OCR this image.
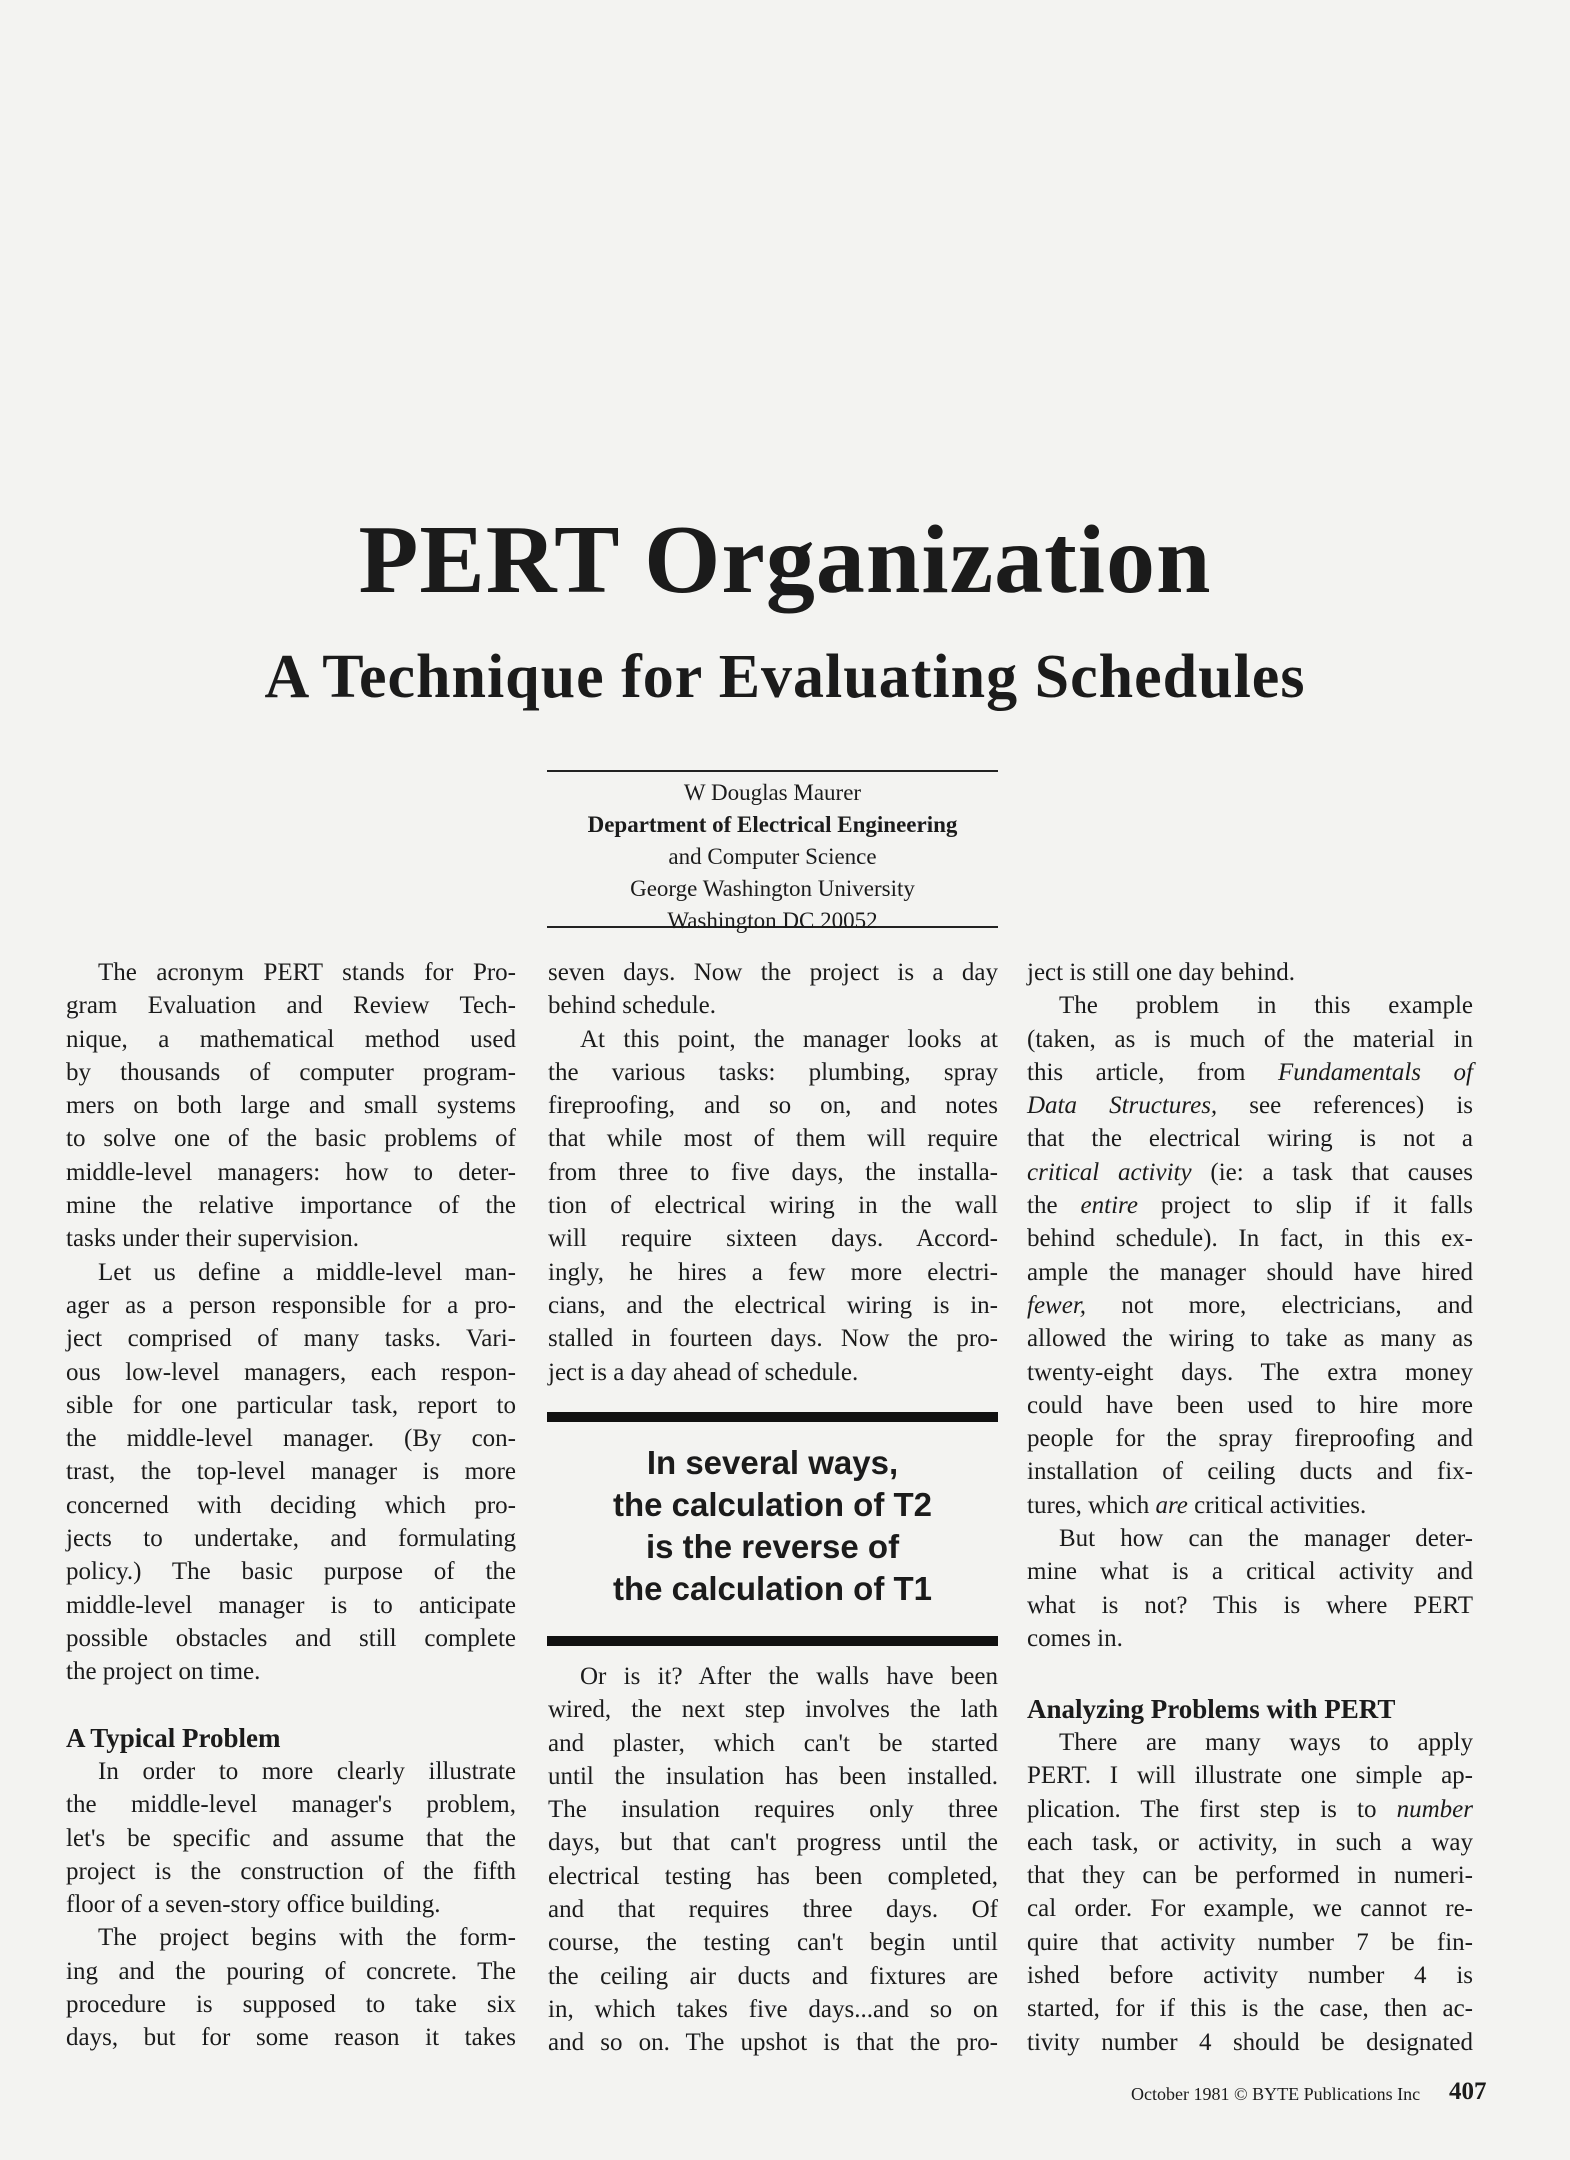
PERT Organization
A Technique for Evaluating Schedules
W Douglas Maurer
Department of Electrical Engineering
and Computer Science
George Washington University
Washington DC 20052
The acronym PERT stands for Pro-
gram Evaluation and Review Tech-
nique, a mathematical method used
by thousands of computer program-
mers on both large and small systems
to solve one of the basic problems of
middle-level managers: how to deter-
mine the relative importance of the
tasks under their supervision.
Let us define a middle-level man-
ager as a person responsible for a pro-
ject comprised of many tasks. Vari-
ous low-level managers, each respon-
sible for one particular task, report to
the middle-level manager. (By con-
trast, the top-level manager is more
concerned with deciding which pro-
jects to undertake, and formulating
policy.) The basic purpose of the
middle-level manager is to anticipate
possible obstacles and still complete
the project on time.
A Typical Problem
In order to more clearly illustrate
the middle-level manager's problem,
let's be specific and assume that the
project is the construction of the fifth
floor of a seven-story office building.
The project begins with the form-
ing and the pouring of concrete. The
procedure is supposed to take six
days, but for some reason it takes
seven days. Now the project is a day
behind schedule.
At this point, the manager looks at
the various tasks: plumbing, spray
fireproofing, and so on, and notes
that while most of them will require
from three to five days, the installa-
tion of electrical wiring in the wall
will require sixteen days. Accord-
ingly, he hires a few more electri-
cians, and the electrical wiring is in-
stalled in fourteen days. Now the pro-
ject is a day ahead of schedule.
In several ways,
the calculation of T2
is the reverse of
the calculation of T1
Or is it? After the walls have been
wired, the next step involves the lath
and plaster, which can't be started
until the insulation has been installed.
The insulation requires only three
days, but that can't progress until the
electrical testing has been completed,
and that requires three days. Of
course, the testing can't begin until
the ceiling air ducts and fixtures are
in, which takes five days...and so on
and so on. The upshot is that the pro-
ject is still one day behind.
The problem in this example
(taken, as is much of the material in
this article, from Fundamentals of
Data Structures, see references) is
that the electrical wiring is not a
critical activity (ie: a task that causes
the entire project to slip if it falls
behind schedule). In fact, in this ex-
ample the manager should have hired
fewer, not more, electricians, and
allowed the wiring to take as many as
twenty-eight days. The extra money
could have been used to hire more
people for the spray fireproofing and
installation of ceiling ducts and fix-
tures, which are critical activities.
But how can the manager deter-
mine what is a critical activity and
what is not? This is where PERT
comes in.
Analyzing Problems with PERT
There are many ways to apply
PERT. I will illustrate one simple ap-
plication. The first step is to number
each task, or activity, in such a way
that they can be performed in numeri-
cal order. For example, we cannot re-
quire that activity number 7 be fin-
ished before activity number 4 is
started, for if this is the case, then ac-
tivity number 4 should be designated
October 1981 © BYTE Publications Inc 407
